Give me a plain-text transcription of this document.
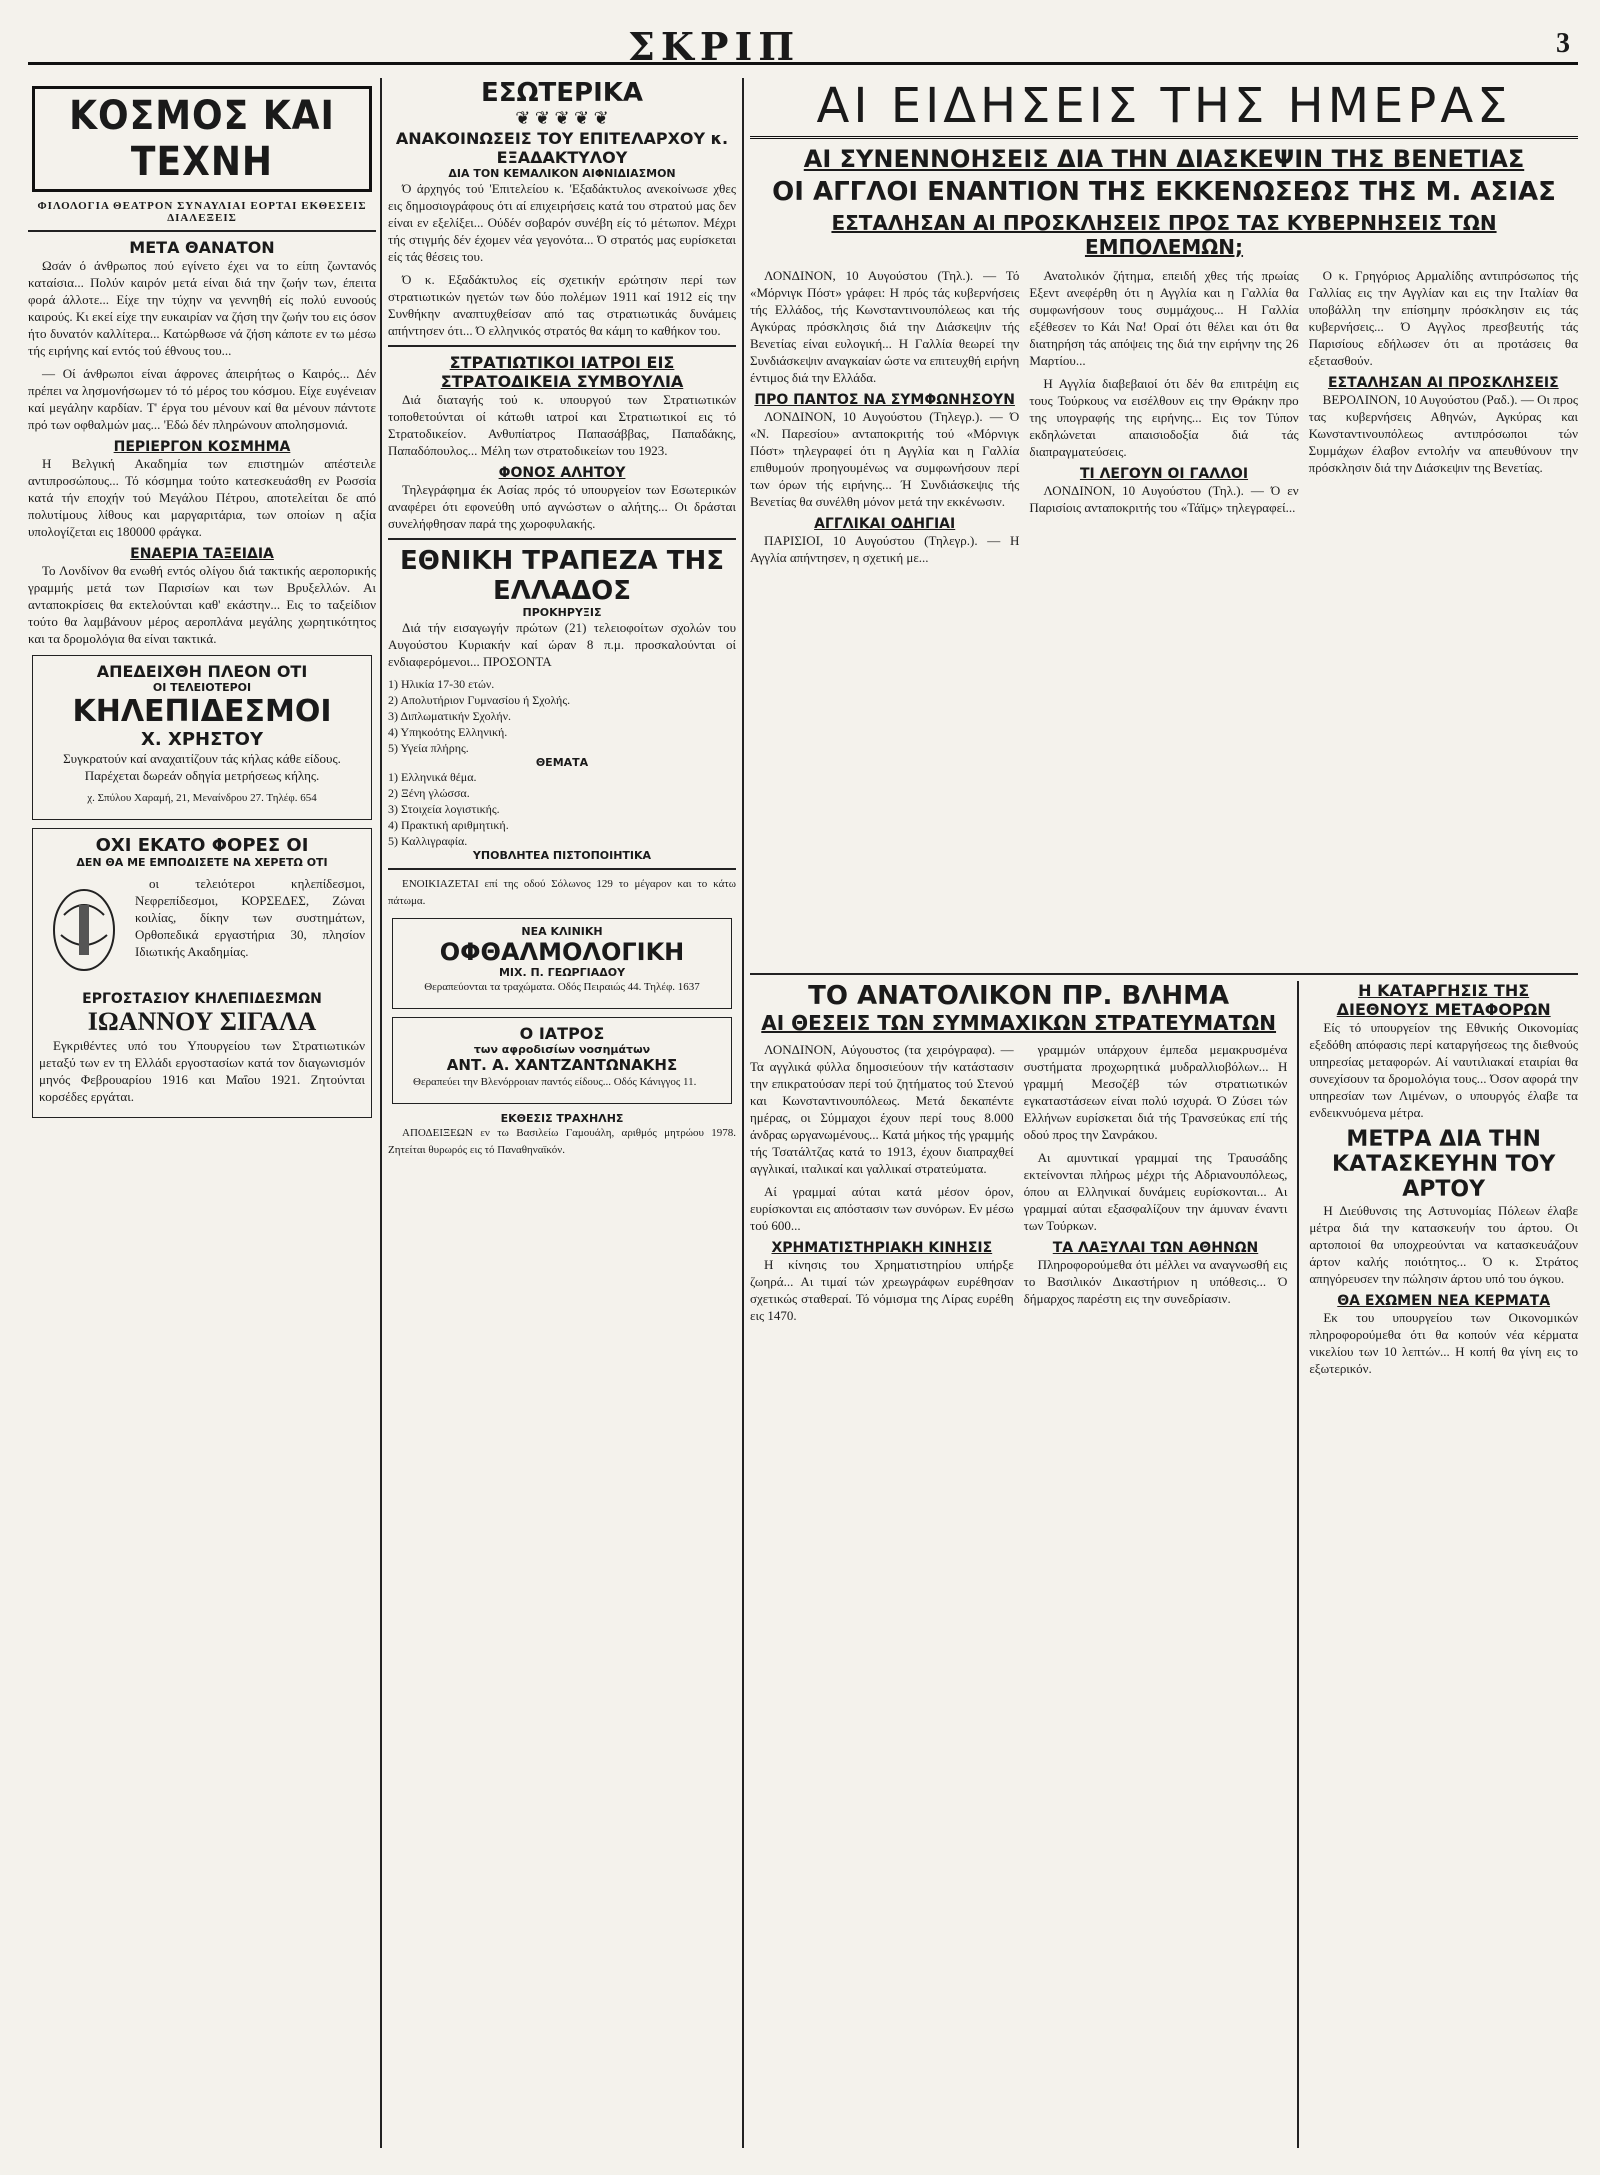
ΣΚΡΙΠ	3
ΚΟΣΜΟΣ ΚΑΙ ΤΕΧΝΗ
ΦΙΛΟΛΟΓΙΑ ΘΕΑΤΡΟΝ ΣΥΝΑΥΛΙΑΙ ΕΟΡΤΑΙ ΕΚΘΕΣΕΙΣ ΔΙΑΛΕΞΕΙΣ
ΜΕΤΑ ΘΑΝΑΤΟΝ

Ωσάν ό άνθρωπος πού εγίνετο έχει να το είπη ζωντανός καταίσια... Πολύν καιρόν μετά είναι διά την ζωήν των, έπειτα φορά άλλοτε... Είχε την τύχην να γεννηθή είς πολύ ευνοούς καιρούς. Κι εκεί είχε την ευκαιρίαν να ζήση την ζωήν του εις όσον ήτο δυνατόν καλλίτερα... Κατώρθωσε νά ζήση κάποτε εν τω μέσω τής ειρήνης καί εντός τού έθνους του...

— Οί άνθρωποι είναι άφρονες άπειρήτως ο Καιρός... Δέν πρέπει να λησμονήσωμεν τό τό μέρος του κόσμου. Είχε ευγένειαν καί μεγάλην καρδίαν. Τ' έργα του μένουν καί θα μένουν πάντοτε πρό των οφθαλμών μας... 'Εδώ δέν πληρώνουν απολησμονιά.

ΠΕΡΙΕΡΓΟΝ ΚΟΣΜΗΜΑ

Η Βελγική Ακαδημία των επιστημών απέστειλε αντιπροσώπους... Τό κόσμημα τούτο κατεσκευάσθη εν Ρωσσία κατά τήν εποχήν τού Μεγάλου Πέτρου, αποτελείται δε από πολυτίμους λίθους και μαργαριτάρια, των οποίων η αξία υπολογίζεται εις 180000 φράγκα.

ΕΝΑΕΡΙΑ ΤΑΞΕΙΔΙΑ

Το Λονδίνον θα ενωθή εντός ολίγου διά τακτικής αεροπορικής γραμμής μετά των Παρισίων και των Βρυξελλών. Αι ανταποκρίσεις θα εκτελούνται καθ' εκάστην... Εις το ταξείδιον τούτο θα λαμβάνουν μέρος αεροπλάνα μεγάλης χωρητικότητος και τα δρομολόγια θα είναι τακτικά.

ΑΠΕΔΕΙΧΘΗ ΠΛΕΟΝ ΟΤΙ
ΟΙ ΤΕΛΕΙΟΤΕΡΟΙ
ΚΗΛΕΠΙΔΕΣΜΟΙ
Χ. ΧΡΗΣΤΟΥ

Συγκρατούν καί αναχαιτίζουν τάς κήλας κάθε είδους. Παρέχεται δωρεάν οδηγία μετρήσεως κήλης.

χ. Σπύλου Χαραμή, 21, Μεναίνδρου 27. Τηλέφ. 654

ΟΧΙ ΕΚΑΤΟ ΦΟΡΕΣ ΟΙ
ΔΕΝ ΘΑ ΜΕ ΕΜΠΟΔΙΣΕΤΕ ΝΑ ΧΕΡΕΤΩ ΟΤΙ

οι τελειότεροι κηλεπίδεσμοι, Νεφρεπίδεσμοι, ΚΟΡΣΕΔΕΣ, Ζώναι κοιλίας, δίκην των συστημάτων, Ορθοπεδικά εργαστήρια 30, πλησίον Ιδιωτικής Ακαδημίας.

ΕΡΓΟΣΤΑΣΙΟΥ ΚΗΛΕΠΙΔΕΣΜΩΝ
ΙΩΑΝΝΟΥ ΣΙΓΑΛΑ

Εγκριθέντες υπό του Υπουργείου των Στρατιωτικών μεταξύ των εν τη Ελλάδι εργοστασίων κατά τον διαγωνισμόν μηνός Φεβρουαρίου 1916 και Μαΐου 1921. Ζητούνται κορσέδες εργάται.

ΕΣΩΤΕΡΙΚΑ
❦ ❦ ❦ ❦ ❦
ΑΝΑΚΟΙΝΩΣΕΙΣ ΤΟΥ ΕΠΙΤΕΛΑΡΧΟΥ κ. ΕΞΑΔΑΚΤΥΛΟΥ
ΔΙΑ ΤΟΝ ΚΕΜΑΛΙΚΟΝ ΑΙΦΝΙΔΙΑΣΜΟΝ

Ό άρχηγός τού 'Επιτελείου κ. 'Εξαδάκτυλος ανεκοίνωσε χθες εις δημοσιογράφους ότι αί επιχειρήσεις κατά του στρατού μας δεν είναι εν εξελίξει... Ούδέν σοβαρόν συνέβη είς τό μέτωπον. Μέχρι τής στιγμής δέν έχομεν νέα γεγονότα... Ό στρατός μας ευρίσκεται είς τάς θέσεις του.

Ό κ. Εξαδάκτυλος είς σχετικήν ερώτησιν περί των στρατιωτικών ηγετών των δύο πολέμων 1911 καί 1912 είς την Συνθήκην αναπτυχθείσαν από τας στρατιωτικάς δυνάμεις απήντησεν ότι... Ό ελληνικός στρατός θα κάμη το καθήκον του.

ΣΤΡΑΤΙΩΤΙΚΟΙ ΙΑΤΡΟΙ ΕΙΣ ΣΤΡΑΤΟΔΙΚΕΙΑ ΣΥΜΒΟΥΛΙΑ

Διά διαταγής τού κ. υπουργού των Στρατιωτικών τοποθετούνται οί κάτωθι ιατροί και Στρατιωτικοί εις τό Στρατοδικείον. Ανθυπίατρος Παπασάββας, Παπαδάκης, Παπαδόπουλος... Μέλη των στρατοδικείων του 1923.

ΦΟΝΟΣ ΑΛΗΤΟΥ

Τηλεγράφημα έκ Ασίας πρός τό υπουργείον των Εσωτερικών αναφέρει ότι εφονεύθη υπό αγνώστων ο αλήτης... Οι δράσται συνελήφθησαν παρά της χωροφυλακής.

ΕΘΝΙΚΗ ΤΡΑΠΕΖΑ ΤΗΣ ΕΛΛΑΔΟΣ
ΠΡΟΚΗΡΥΞΙΣ

Διά τήν εισαγωγήν πρώτων (21) τελειοφοίτων σχολών του Αυγούστου Κυριακήν καί ώραν 8 π.μ. προσκαλούνται οί ενδιαφερόμενοι... ΠΡΟΣΟΝΤΑ

1) Ηλικία 17-30 ετών.
2) Απολυτήριον Γυμνασίου ή Σχολής.
3) Διπλωματικήν Σχολήν.
4) Υπηκοότης Ελληνική.
5) Υγεία πλήρης.
ΘΕΜΑΤΑ
1) Ελληνικά θέμα.
2) Ξένη γλώσσα.
3) Στοιχεία λογιστικής.
4) Πρακτική αριθμητική.
5) Καλλιγραφία.
ΥΠΟΒΛΗΤΕΑ ΠΙΣΤΟΠΟΙΗΤΙΚΑ

ΕΝΟΙΚΙΑΖΕΤΑΙ επί της οδού Σόλωνος 129 το μέγαρον και το κάτω πάτωμα.

ΝΕΑ ΚΛΙΝΙΚΗ
ΟΦΘΑΛΜΟΛΟΓΙΚΗ
ΜΙΧ. Π. ΓΕΩΡΓΙΑΔΟΥ

Θεραπεύονται τα τραχώματα. Οδός Πειραιώς 44. Τηλέφ. 1637

Ο ΙΑΤΡΟΣ
των αφροδισίων νοσημάτων
ΑΝΤ. Α. ΧΑΝΤΖΑΝΤΩΝΑΚΗΣ

Θεραπεύει την Βλενόρροιαν παντός είδους... Οδός Κάνιγγος 11.

ΕΚΘΕΣΙΣ ΤΡΑΧΗΛΗΣ

ΑΠΟΔΕΙΞΕΩΝ εν τω Βασιλείω Γαμουάλη, αριθμός μητρώου 1978. Ζητείται θυρωρός εις τό Παναθηναϊκόν.

ΑΙ ΕΙΔΗΣΕΙΣ ΤΗΣ ΗΜΕΡΑΣ
ΑΙ ΣΥΝΕΝΝΟΗΣΕΙΣ ΔΙΑ ΤΗΝ ΔΙΑΣΚΕΨΙΝ ΤΗΣ ΒΕΝΕΤΙΑΣ
ΟΙ ΑΓΓΛΟΙ ΕΝΑΝΤΙΟΝ ΤΗΣ ΕΚΚΕΝΩΣΕΩΣ ΤΗΣ Μ. ΑΣΙΑΣ
ΕΣΤΑΛΗΣΑΝ ΑΙ ΠΡΟΣΚΛΗΣΕΙΣ ΠΡΟΣ ΤΑΣ ΚΥΒΕΡΝΗΣΕΙΣ ΤΩΝ ΕΜΠΟΛΕΜΩΝ;

ΛΟΝΔΙΝΟΝ, 10 Αυγούστου (Τηλ.). — Τό «Μόρνιγκ Πόστ» γράφει: Η πρός τάς κυβερνήσεις τής Ελλάδος, τής Κωνσταντινουπόλεως και τής Αγκύρας πρόσκλησις διά την Διάσκεψιν τής Βενετίας είναι ευλογική... Η Γαλλία θεωρεί την Συνδιάσκεψιν αναγκαίαν ώστε να επιτευχθή ειρήνη έντιμος διά την Ελλάδα.

ΠΡΟ ΠΑΝΤΟΣ ΝΑ ΣΥΜΦΩΝΗΣΟΥΝ

ΛΟΝΔΙΝΟΝ, 10 Αυγούστου (Τηλεγρ.). — Ό «Ν. Παρεσίου» ανταποκριτής τού «Μόρνιγκ Πόστ» τηλεγραφεί ότι η Αγγλία και η Γαλλία επιθυμούν προηγουμένως να συμφωνήσουν περί των όρων τής ειρήνης... Ή Συνδιάσκεψις τής Βενετίας θα συνέλθη μόνον μετά την εκκένωσιν.

ΑΓΓΛΙΚΑΙ ΟΔΗΓΙΑΙ

ΠΑΡΙΣΙΟΙ, 10 Αυγούστου (Τηλεγρ.). — Η Αγγλία απήντησεν, η σχετική με...

Ανατολικόν ζήτημα, επειδή χθες τής πρωίας Εξεντ ανεφέρθη ότι η Αγγλία και η Γαλλία θα συμφωνήσουν τους συμμάχους... Η Γαλλία εξέθεσεν το Κάι Να! Οραί ότι θέλει και ότι θα διατηρήση τάς απόψεις της διά την ειρήνην της 26 Μαρτίου...

Η Αγγλία διαβεβαιοί ότι δέν θα επιτρέψη εις τους Τούρκους να εισέλθουν εις την Θράκην προ της υπογραφής της ειρήνης... Εις τον Τύπον εκδηλώνεται απαισιοδοξία διά τάς διαπραγματεύσεις.

ΤΙ ΛΕΓΟΥΝ ΟΙ ΓΑΛΛΟΙ

ΛΟΝΔΙΝΟΝ, 10 Αυγούστου (Τηλ.). — Ό εν Παρισίοις ανταποκριτής του «Τάϊμς» τηλεγραφεί...

Ο κ. Γρηγόριος Αρμαλίδης αντιπρόσωπος τής Γαλλίας εις την Αγγλίαν και εις την Ιταλίαν θα υποβάλλη την επίσημην πρόσκλησιν εις τάς κυβερνήσεις... Ό Αγγλος πρεσβευτής τάς Παρισίους εδήλωσεν ότι αι προτάσεις θα εξετασθούν.

ΕΣΤΑΛΗΣΑΝ ΑΙ ΠΡΟΣΚΛΗΣΕΙΣ

ΒΕΡΟΛΙΝΟΝ, 10 Αυγούστου (Ραδ.). — Οι προς τας κυβερνήσεις Αθηνών, Αγκύρας και Κωνσταντινουπόλεως αντιπρόσωποι τών Συμμάχων έλαβον εντολήν να απευθύνουν την πρόσκλησιν διά την Διάσκεψιν της Βενετίας.

ΤΟ ΑΝΑΤΟΛΙΚΟΝ ΠΡ. ΒΛΗΜΑ
ΑΙ ΘΕΣΕΙΣ ΤΩΝ ΣΥΜΜΑΧΙΚΩΝ ΣΤΡΑΤΕΥΜΑΤΩΝ

ΛΟΝΔΙΝΟΝ, Αύγουστος (τα χειρόγραφα). — Τα αγγλικά φύλλα δημοσιεύουν τήν κατάστασιν την επικρατούσαν περί τού ζητήματος τού Στενού και Κωνσταντινουπόλεως. Μετά δεκαπέντε ημέρας, οι Σύμμαχοι έχουν περί τους 8.000 άνδρας ωργανωμένους... Κατά μήκος τής γραμμής τής Τσατάλτζας κατά το 1913, έχουν διαπραχθεί αγγλικαί, ιταλικαί και γαλλικαί στρατεύματα.

Αί γραμμαί αύται κατά μέσον όρον, ευρίσκονται εις απόστασιν των συνόρων. Εν μέσω τού 600...

ΧΡΗΜΑΤΙΣΤΗΡΙΑΚΗ ΚΙΝΗΣΙΣ

Η κίνησις του Χρηματιστηρίου υπήρξε ζωηρά... Αι τιμαί τών χρεωγράφων ευρέθησαν σχετικώς σταθεραί. Τό νόμισμα της Λίρας ευρέθη εις 1470.

γραμμών υπάρχουν έμπεδα μεμακρυσμένα συστήματα προχωρητικά μυδραλλιοβόλων... Η γραμμή Μεσοζέβ τών στρατιωτικών εγκαταστάσεων είναι πολύ ισχυρά. Ό Ζύσει τών Ελλήνων ευρίσκεται διά τής Τρανσεύκας επί τής οδού προς την Σανράκου.

Αι αμυντικαί γραμμαί της Τραυσάδης εκτείνονται πλήρως μέχρι τής Αδριανουπόλεως, όπου αι Ελληνικαί δυνάμεις ευρίσκονται... Αι γραμμαί αύται εξασφαλίζουν την άμυναν έναντι των Τούρκων.

ΤΑ ΛΑΞΥΛΑΙ ΤΩΝ ΑΘΗΝΩΝ

Πληροφορούμεθα ότι μέλλει να αναγνωσθή εις το Βασιλικόν Δικαστήριον η υπόθεσις... Ό δήμαρχος παρέστη εις την συνεδρίασιν.

Η ΚΑΤΑΡΓΗΣΙΣ ΤΗΣ ΔΙΕΘΝΟΥΣ ΜΕΤΑΦΟΡΩΝ

Είς τό υπουργείον της Εθνικής Οικονομίας εξεδόθη απόφασις περί καταργήσεως της διεθνούς υπηρεσίας μεταφορών. Αί ναυτιλιακαί εταιρίαι θα συνεχίσουν τα δρομολόγια τους... Όσον αφορά την υπηρεσίαν των Λιμένων, ο υπουργός έλαβε τα ενδεικνυόμενα μέτρα.

ΜΕΤΡΑ ΔΙΑ ΤΗΝ ΚΑΤΑΣΚΕΥΗΝ ΤΟΥ ΑΡΤΟΥ

Η Διεύθυνσις της Αστυνομίας Πόλεων έλαβε μέτρα διά την κατασκευήν του άρτου. Οι αρτοποιοί θα υποχρεούνται να κατασκευάζουν άρτον καλής ποιότητος... Ό κ. Στράτος απηγόρευσεν την πώλησιν άρτου υπό του όγκου.

ΘΑ ΕΧΩΜΕΝ ΝΕΑ ΚΕΡΜΑΤΑ

Εκ του υπουργείου των Οικονομικών πληροφορούμεθα ότι θα κοπούν νέα κέρματα νικελίου των 10 λεπτών... Η κοπή θα γίνη εις το εξωτερικόν.
